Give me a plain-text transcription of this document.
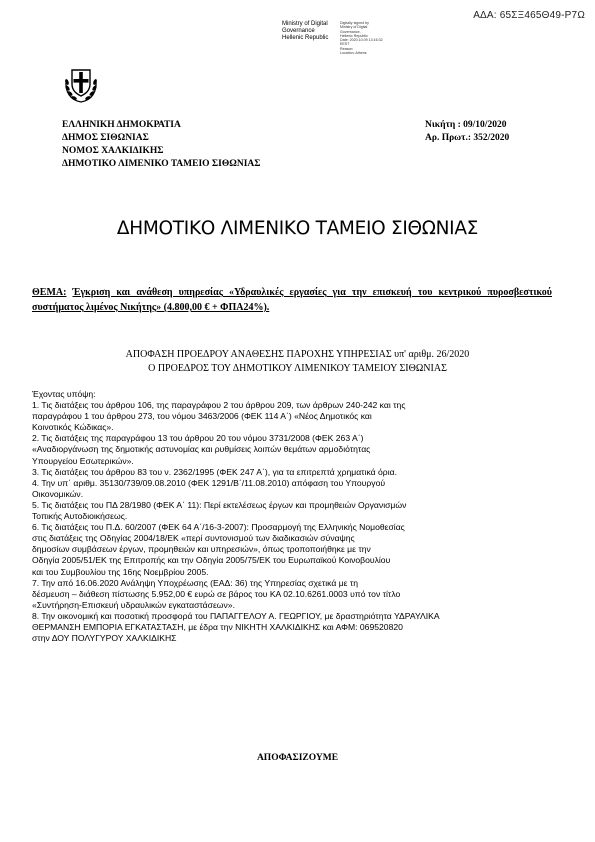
ΑΔΑ: 65ΣΞ465Θ49-Ρ7Ω
Ministry of Digital
Governance
Hellenic Republic
Digitally signed by
Ministry of Digital
Governance,
Hellenic Republic
Date: 2020.10.09 13:16:32
EEST
Reason:
Location: Athens
ΕΛΛΗΝΙΚΗ ΔΗΜΟΚΡΑΤΙΑ
ΔΗΜΟΣ ΣΙΘΩΝΙΑΣ
ΝΟΜΟΣ ΧΑΛΚΙΔΙΚΗΣ
ΔΗΜΟΤΙΚΟ ΛΙΜΕΝΙΚΟ ΤΑΜΕΙΟ ΣΙΘΩΝΙΑΣ
Νικήτη : 09/10/2020
Αρ. Πρωτ.: 352/2020
ΔΗΜΟΤΙΚΟ ΛΙΜΕΝΙΚΟ ΤΑΜΕΙΟ ΣΙΘΩΝΙΑΣ
ΘΕΜΑ: Έγκριση και ανάθεση υπηρεσίας «Υδραυλικές εργασίες για την επισκευή του κεντρικού πυροσβεστικού συστήματος λιμένος Νικήτης» (4.800,00 € + ΦΠΑ24%).
ΑΠΟΦΑΣΗ ΠΡΟΕΔΡΟΥ ΑΝΑΘΕΣΗΣ ΠΑΡΟΧΗΣ ΥΠΗΡΕΣΙΑΣ υπ' αριθμ. 26/2020
Ο ΠΡΟΕΔΡΟΣ ΤΟΥ ΔΗΜΟΤΙΚΟΥ ΛΙΜΕΝΙΚΟΥ ΤΑΜΕΙΟΥ ΣΙΘΩΝΙΑΣ

Έχοντας υπόψη:

1. Τις διατάξεις του άρθρου 106, της παραγράφου 2 του άρθρου 209, των άρθρων 240-242 και της

παραγράφου 1 του άρθρου 273, του νόμου 3463/2006 (ΦΕΚ 114 Α΄) «Νέος Δημοτικός και

Κοινοτικός Κώδικας».

2. Τις διατάξεις της παραγράφου 13 του άρθρου 20 του νόμου 3731/2008 (ΦΕΚ 263 Α΄)

«Αναδιοργάνωση της δημοτικής αστυνομίας και ρυθμίσεις λοιπών θεμάτων αρμοδιότητας

Υπουργείου Εσωτερικών».

3. Τις διατάξεις του άρθρου 83 του ν. 2362/1995 (ΦΕΚ 247 Α΄), για τα επιτρεπτά χρηματικά όρια.

4. Την υπ΄ αριθμ. 35130/739/09.08.2010 (ΦΕΚ 1291/Β΄/11.08.2010) απόφαση του Υπουργού

Οικονομικών.

5. Τις διατάξεις του ΠΔ 28/1980 (ΦΕΚ Α΄ 11): Περί εκτελέσεως έργων και προμηθειών Οργανισμών

Τοπικής Αυτοδιοικήσεως.

6. Τις διατάξεις του Π.Δ. 60/2007 (ΦΕΚ 64 Α΄/16-3-2007): Προσαρμογή της Ελληνικής Νομοθεσίας

στις διατάξεις της Οδηγίας 2004/18/ΕΚ «περί συντονισμού των διαδικασιών σύναψης

δημοσίων συμβάσεων έργων, προμηθειών και υπηρεσιών», όπως τροποποιήθηκε με την

Οδηγία 2005/51/ΕΚ της Επιτροπής και την Οδηγία 2005/75/ΕΚ του Ευρωπαϊκού Κοινοβουλίου

και του Συμβουλίου της 16ης Νοεμβρίου 2005.

7. Την από 16.06.2020 Ανάληψη Υποχρέωσης (ΕΑΔ: 36) της Υπηρεσίας σχετικά με τη

δέσμευση – διάθεση πίστωσης 5.952,00 € ευρώ σε βάρος του ΚΑ 02.10.6261.0003 υπό τον τίτλο

«Συντήρηση-Επισκευή υδραυλικών εγκαταστάσεων».

8. Την οικονομική και ποσοτική προσφορά του ΠΑΠΑΓΓΕΛΟΥ Α. ΓΕΩΡΓΙΟΥ, με δραστηριότητα ΥΔΡΑΥΛΙΚΑ

ΘΕΡΜΑΝΣΗ ΕΜΠΟΡΙΑ ΕΓΚΑΤΑΣΤΑΣΗ, με έδρα την ΝΙΚΗΤΗ ΧΑΛΚΙΔΙΚΗΣ και ΑΦΜ: 069520820

στην ΔΟΥ ΠΟΛΥΓΥΡΟΥ ΧΑΛΚΙΔΙΚΗΣ

ΑΠΟΦΑΣΙΖΟΥΜΕ
